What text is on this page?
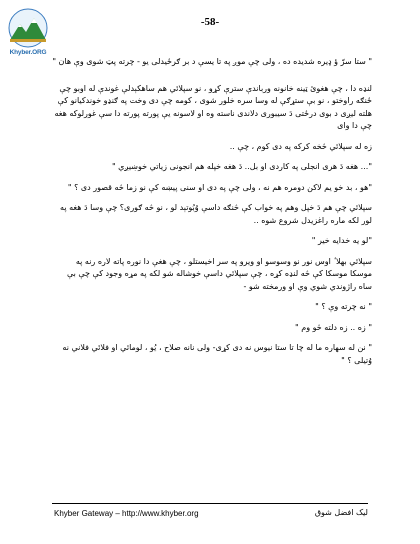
-58-
Khyber.ORG

" ستا سرّ ؤ ډیره شدیده ده ، ولی چې موږ په تا یسې د بر ګرځیدلی یو - چرته پټ شوی وې هان "

لنډه دا ، چې هغوئ ټینه خانونه ورباندې سترې کړو ، نو سپلائي هم ساهکېدلې غوندې له اوبو چې ځنګه راوختو ، نو بې ستړګې له وسا سره خلور شوی ، کومه چې دی وخت په ګنډو خوندکيانو کې هلته لیږی د بوی درځتی دَ سیبوری دلاندی ناسته وه او لاسونه یې پورته پورته دا سې غورلوکه هغه چې دا وای

زه له سپلائي څخه کرکه په دی کوم ، چې ..

"... هغه دَ هری انجلی په کاردی او بل.. دَ هغه خپله هم انجونی زیاتي خوښيږي "

"هو ، بد خو یم لاکن دومره هم نه ، ولی چې په دی او سنی پیښه کې نو زما څه قصور دی ؟ "

سپلائي چې هم دَ خپل وهم په خواب کې څنګه داسې وُبُوتېد لو ، نو څه ګوری؟ چې وسا دَ هغه په لور لکه ماره راغزیدل شروع شوه ..

"لو یه خدایه خیر "

سپلائي بهلا ٔ اوس نور نو وسوسو او ویرو په سر اخیستلو ، چې هغې دا نوره پاته لاره رنه په موسکا موسکا کې څه لنډه کړه ، چې سپلائي داسې خوشاله شو لکه په مړه وجود کې چې بې ساه راژوندي شوي وې او ورمخته شو -

" نه چرته وې ؟ "

" زه .. زه دلته څو وم "

" نن له سهاره ما له چا تا ستا نيوس نه دی کړی- ولی نانه صلاح ، يُو ، لومائي او فلائي فلاني نه وُتيلی ؟ "

Khyber Gateway – http://www.khyber.org	لیک افضل شوق
